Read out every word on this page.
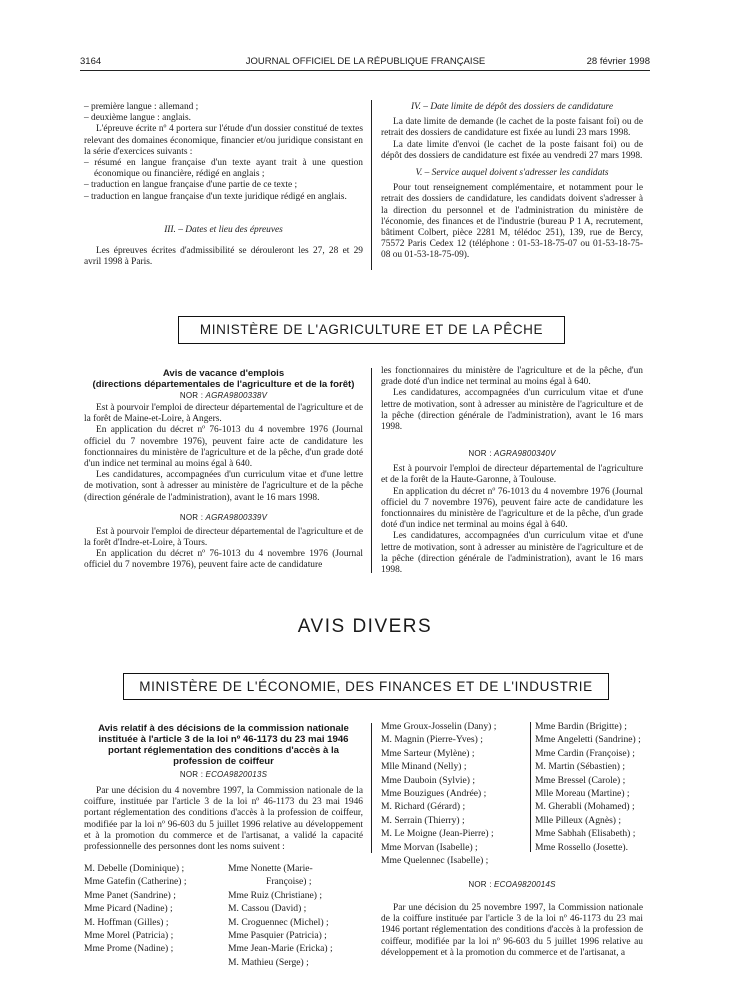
3164	JOURNAL OFFICIEL DE LA RÉPUBLIQUE FRANÇAISE	28 février 1998
– première langue : allemand ;
– deuxième langue : anglais.
L'épreuve écrite nº 4 portera sur l'étude d'un dossier constitué de textes relevant des domaines économique, financier et/ou juridique consistant en la série d'exercices suivants :
– résumé en langue française d'un texte ayant trait à une question économique ou financière, rédigé en anglais ;
– traduction en langue française d'une partie de ce texte ;
– traduction en langue française d'un texte juridique rédigé en anglais.
III. – Dates et lieu des épreuves
Les épreuves écrites d'admissibilité se dérouleront les 27, 28 et 29 avril 1998 à Paris.
IV. – Date limite de dépôt des dossiers de candidature
La date limite de demande (le cachet de la poste faisant foi) ou de retrait des dossiers de candidature est fixée au lundi 23 mars 1998.
La date limite d'envoi (le cachet de la poste faisant foi) ou de dépôt des dossiers de candidature est fixée au vendredi 27 mars 1998.
V. – Service auquel doivent s'adresser les candidats
Pour tout renseignement complémentaire, et notamment pour le retrait des dossiers de candidature, les candidats doivent s'adresser à la direction du personnel et de l'administration du ministère de l'économie, des finances et de l'industrie (bureau P 1 A, recrutement, bâtiment Colbert, pièce 2281 M, télédoc 251), 139, rue de Bercy, 75572 Paris Cedex 12 (téléphone : 01-53-18-75-07 ou 01-53-18-75-08 ou 01-53-18-75-09).
MINISTÈRE DE L'AGRICULTURE ET DE LA PÊCHE
Avis de vacance d'emplois
(directions départementales de l'agriculture et de la forêt)
NOR : AGRA9800338V
Est à pourvoir l'emploi de directeur départemental de l'agriculture et de la forêt de Maine-et-Loire, à Angers.
En application du décret nº 76-1013 du 4 novembre 1976 (Journal officiel du 7 novembre 1976), peuvent faire acte de candidature les fonctionnaires du ministère de l'agriculture et de la pêche, d'un grade doté d'un indice net terminal au moins égal à 640.
Les candidatures, accompagnées d'un curriculum vitae et d'une lettre de motivation, sont à adresser au ministère de l'agriculture et de la pêche (direction générale de l'administration), avant le 16 mars 1998.
NOR : AGRA9800339V
Est à pourvoir l'emploi de directeur départemental de l'agriculture et de la forêt d'Indre-et-Loire, à Tours.
En application du décret nº 76-1013 du 4 novembre 1976 (Journal officiel du 7 novembre 1976), peuvent faire acte de candidature
les fonctionnaires du ministère de l'agriculture et de la pêche, d'un grade doté d'un indice net terminal au moins égal à 640.
Les candidatures, accompagnées d'un curriculum vitae et d'une lettre de motivation, sont à adresser au ministère de l'agriculture et de la pêche (direction générale de l'administration), avant le 16 mars 1998.
NOR : AGRA9800340V
Est à pourvoir l'emploi de directeur départemental de l'agriculture et de la forêt de la Haute-Garonne, à Toulouse.
En application du décret nº 76-1013 du 4 novembre 1976 (Journal officiel du 7 novembre 1976), peuvent faire acte de candidature les fonctionnaires du ministère de l'agriculture et de la pêche, d'un grade doté d'un indice net terminal au moins égal à 640.
Les candidatures, accompagnées d'un curriculum vitae et d'une lettre de motivation, sont à adresser au ministère de l'agriculture et de la pêche (direction générale de l'administration), avant le 16 mars 1998.
AVIS DIVERS
MINISTÈRE DE L'ÉCONOMIE, DES FINANCES ET DE L'INDUSTRIE
Avis relatif à des décisions de la commission nationale instituée à l'article 3 de la loi nº 46-1173 du 23 mai 1946 portant réglementation des conditions d'accès à la profession de coiffeur
NOR : ECOA9820013S
Par une décision du 4 novembre 1997, la Commission nationale de la coiffure, instituée par l'article 3 de la loi nº 46-1173 du 23 mai 1946 portant réglementation des conditions d'accès à la profession de coiffeur, modifiée par la loi nº 96-603 du 5 juillet 1996 relative au développement et à la promotion du commerce et de l'artisanat, a validé la capacité professionnelle des personnes dont les noms suivent :
M. Debelle (Dominique) ;
Mme Gatefin (Catherine) ;
Mme Panet (Sandrine) ;
Mme Picard (Nadine) ;
M. Hoffman (Gilles) ;
Mme Morel (Patricia) ;
Mme Prome (Nadine) ;
Mme Nonette (Marie-
Françoise) ;
Mme Ruiz (Christiane) ;
M. Cassou (David) ;
M. Croguennec (Michel) ;
Mme Pasquier (Patricia) ;
Mme Jean-Marie (Ericka) ;
M. Mathieu (Serge) ;
Mme Groux-Josselin (Dany) ;
M. Magnin (Pierre-Yves) ;
Mme Sarteur (Mylène) ;
Mlle Minand (Nelly) ;
Mme Dauboin (Sylvie) ;
Mme Bouzigues (Andrée) ;
M. Richard (Gérard) ;
M. Serrain (Thierry) ;
M. Le Moigne (Jean-Pierre) ;
Mme Morvan (Isabelle) ;
Mme Quelennec (Isabelle) ;
Mme Bardin (Brigitte) ;
Mme Angeletti (Sandrine) ;
Mme Cardin (Françoise) ;
M. Martin (Sébastien) ;
Mme Bressel (Carole) ;
Mlle Moreau (Martine) ;
M. Gherabli (Mohamed) ;
Mlle Pilleux (Agnès) ;
Mme Sabhah (Elisabeth) ;
Mme Rossello (Josette).
NOR : ECOA9820014S
Par une décision du 25 novembre 1997, la Commission nationale de la coiffure instituée par l'article 3 de la loi nº 46-1173 du 23 mai 1946 portant réglementation des conditions d'accès à la profession de coiffeur, modifiée par la loi nº 96-603 du 5 juillet 1996 relative au développement et à la promotion du commerce et de l'artisanat, a
